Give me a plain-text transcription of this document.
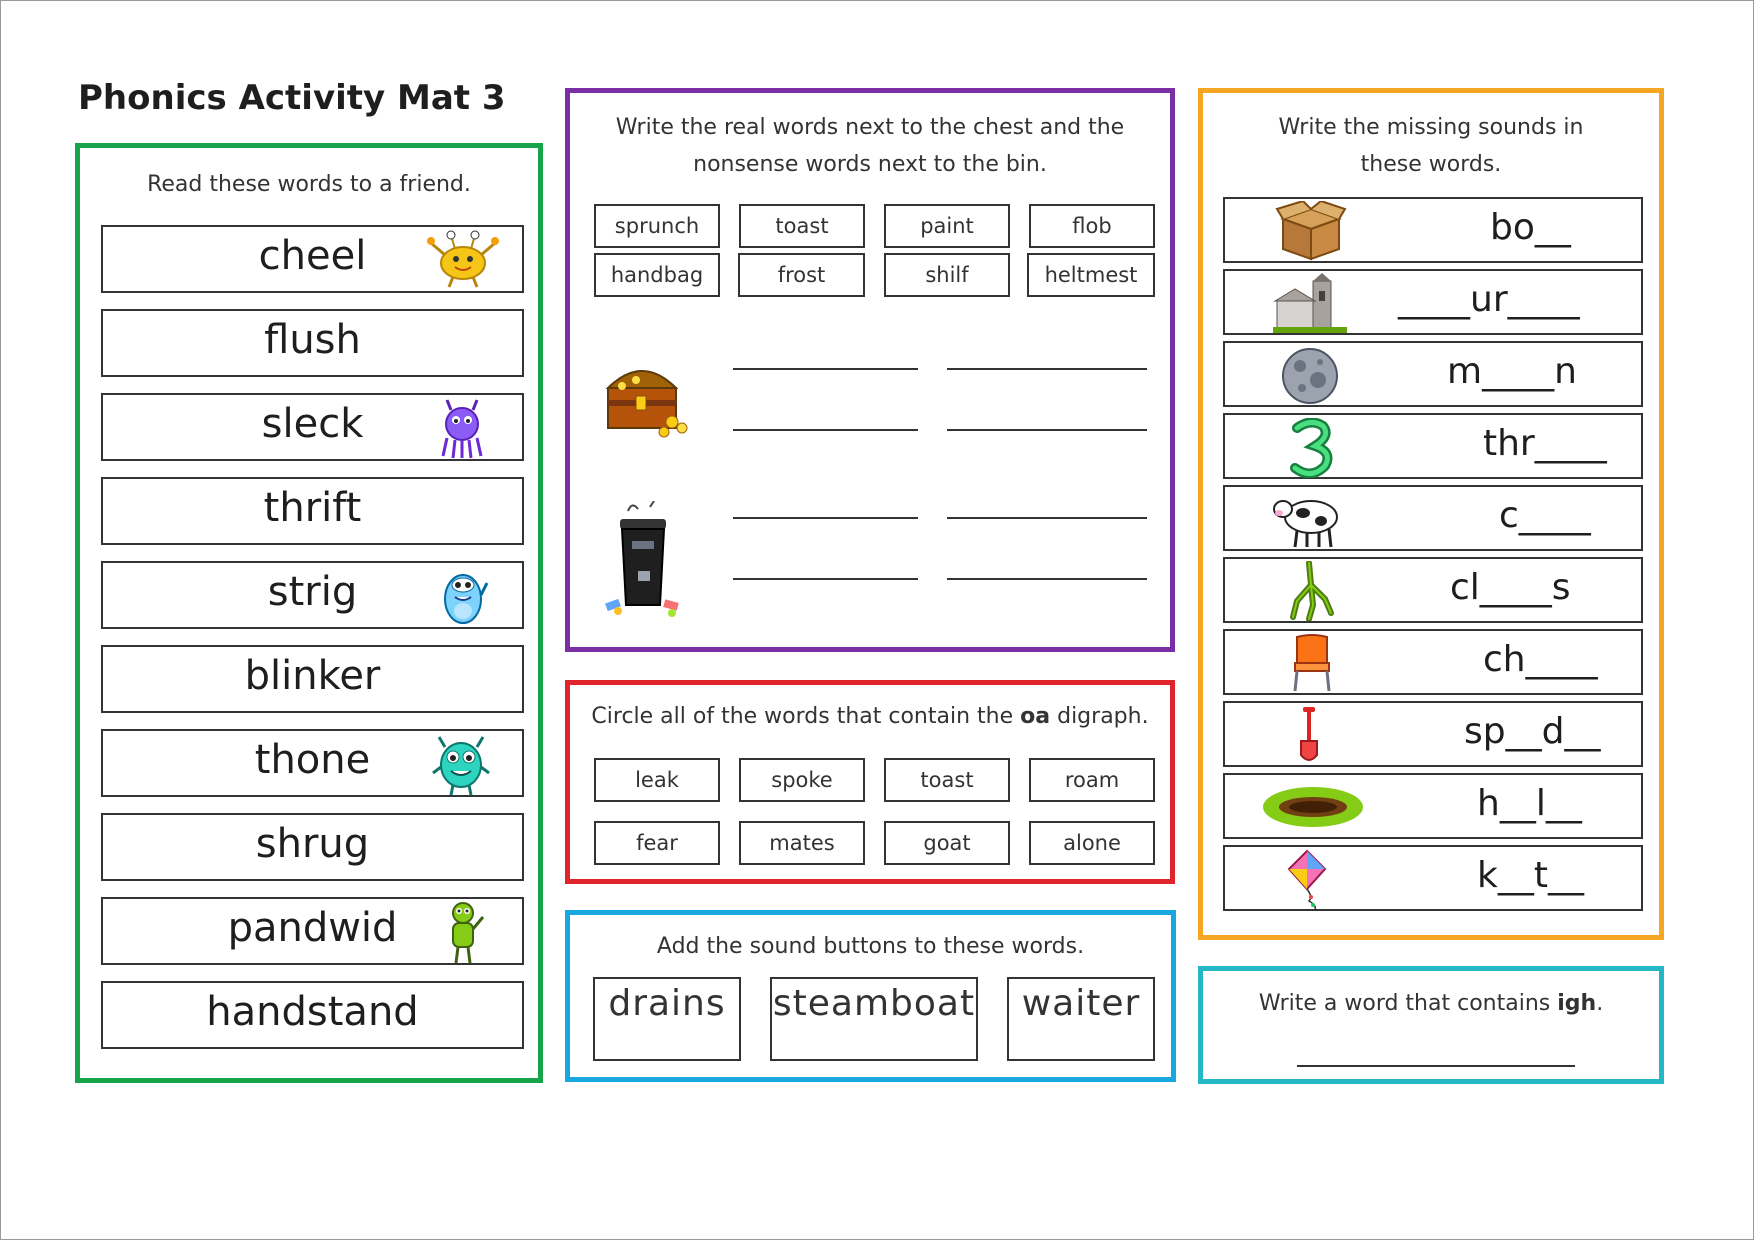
Phonics Activity Mat 3
Read these words to a friend.
cheel
flush
sleck
thrift
strig
blinker
thone
shrug
pandwid
handstand
Write the real words next to the chest and the
nonsense words next to the bin.
sprunch	toast	paint	flob
handbag	frost	shilf	heltmest
Circle all of the words that contain the oa digraph.
leak	spoke	toast	roam
fear	mates	goat	alone
Add the sound buttons to these words.
drains	steamboat	waiter
Write the missing sounds in
these words.
bo__
____ur____
m____n
thr____
c____
cl____s
ch____
sp__d__
h__l__
k__t__
Write a word that contains igh.
